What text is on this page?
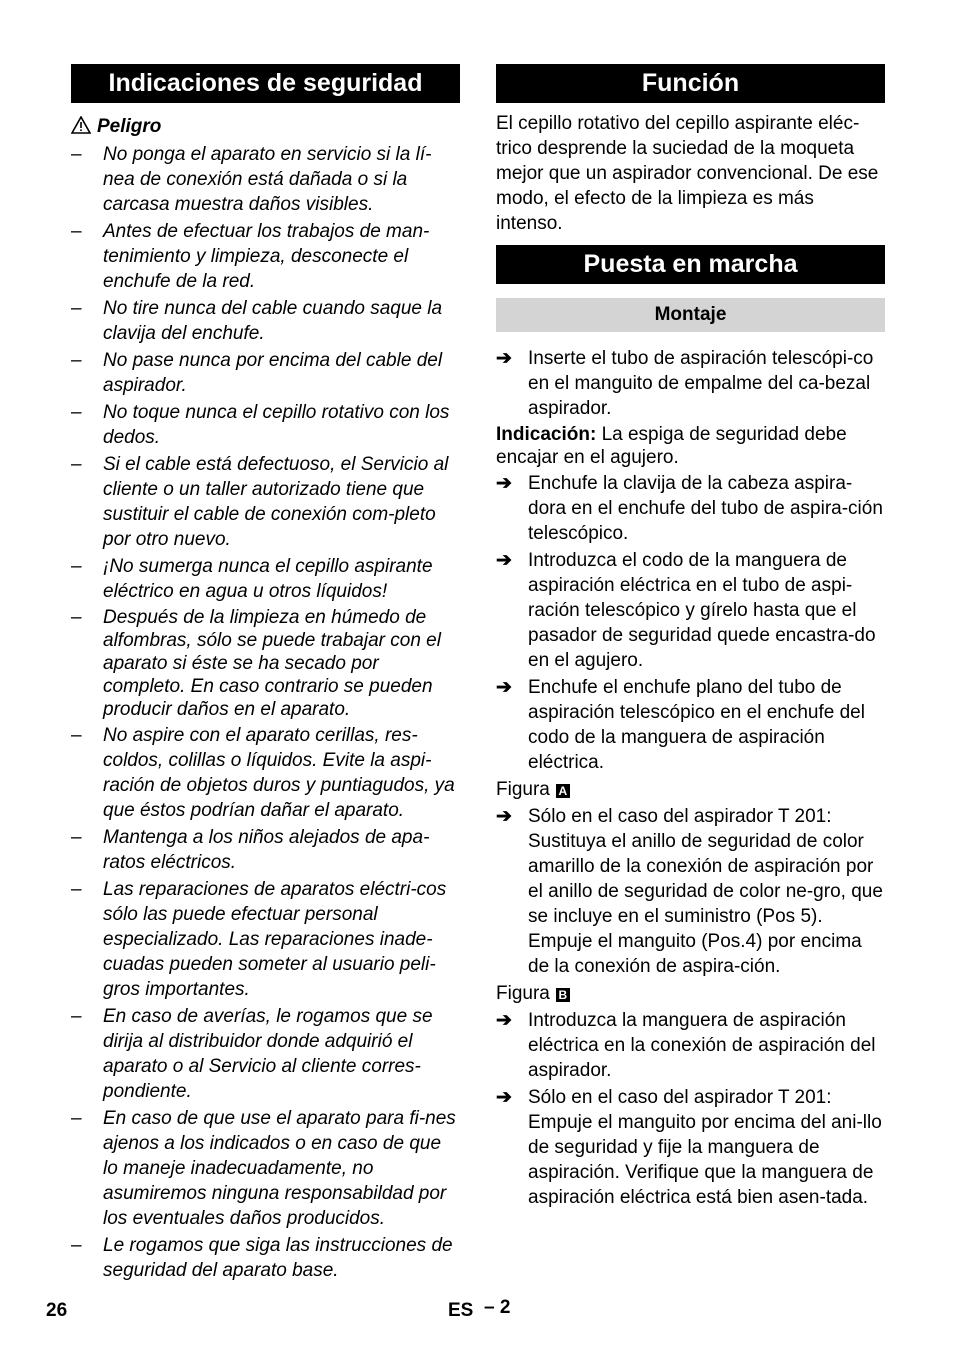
Indicaciones de seguridad
Peligro
– No ponga el aparato en servicio si la lí-nea de conexión está dañada o si la carcasa muestra daños visibles.
– Antes de efectuar los trabajos de man-tenimiento y limpieza, desconecte el enchufe de la red.
– No tire nunca del cable cuando saque la clavija del enchufe.
– No pase nunca por encima del cable del aspirador.
– No toque nunca el cepillo rotativo con los dedos.
– Si el cable está defectuoso, el Servicio al cliente o un taller autorizado tiene que sustituir el cable de conexión com-pleto por otro nuevo.
– ¡No sumerga nunca el cepillo aspirante eléctrico en agua u otros líquidos!
– Después de la limpieza en húmedo de alfombras, sólo se puede trabajar con el aparato si éste se ha secado por completo. En caso contrario se pueden producir daños en el aparato.
– No aspire con el aparato cerillas, res-coldos, colillas o líquidos. Evite la aspi-ración de objetos duros y puntiagudos, ya que éstos podrían dañar el aparato.
– Mantenga a los niños alejados de apa-ratos eléctricos.
– Las reparaciones de aparatos eléctri-cos sólo las puede efectuar personal especializado. Las reparaciones inade-cuadas pueden someter al usuario peli-gros importantes.
– En caso de averías, le rogamos que se dirija al distribuidor donde adquirió el aparato o al Servicio al cliente corres-pondiente.
– En caso de que use el aparato para fi-nes ajenos a los indicados o en caso de que lo maneje inadecuadamente, no asumiremos ninguna responsabildad por los eventuales daños producidos.
– Le rogamos que siga las instrucciones de seguridad del aparato base.
Función

El cepillo rotativo del cepillo aspirante eléc-trico desprende la suciedad de la moqueta mejor que un aspirador convencional. De ese modo, el efecto de la limpieza es más intenso.

Puesta en marcha
Montaje
➔ Inserte el tubo de aspiración telescópi-co en el manguito de empalme del ca-bezal aspirador.
Indicación: La espiga de seguridad debe encajar en el agujero.
➔ Enchufe la clavija de la cabeza aspira-dora en el enchufe del tubo de aspira-ción telescópico.
➔ Introduzca el codo de la manguera de aspiración eléctrica en el tubo de aspi-ración telescópico y gírelo hasta que el pasador de seguridad quede encastra-do en el agujero.
➔ Enchufe el enchufe plano del tubo de aspiración telescópico en el enchufe del codo de la manguera de aspiración eléctrica.
Figura A
➔ Sólo en el caso del aspirador T 201: Sustituya el anillo de seguridad de color amarillo de la conexión de aspiración por el anillo de seguridad de color ne-gro, que se incluye en el suministro (Pos 5). Empuje el manguito (Pos.4) por encima de la conexión de aspira-ción.
Figura B
➔ Introduzca la manguera de aspiración eléctrica en la conexión de aspiración del aspirador.
➔ Sólo en el caso del aspirador T 201: Empuje el manguito por encima del ani-llo de seguridad y fije la manguera de aspiración. Verifique que la manguera de aspiración eléctrica está bien asen-tada.
26	ES – 2
